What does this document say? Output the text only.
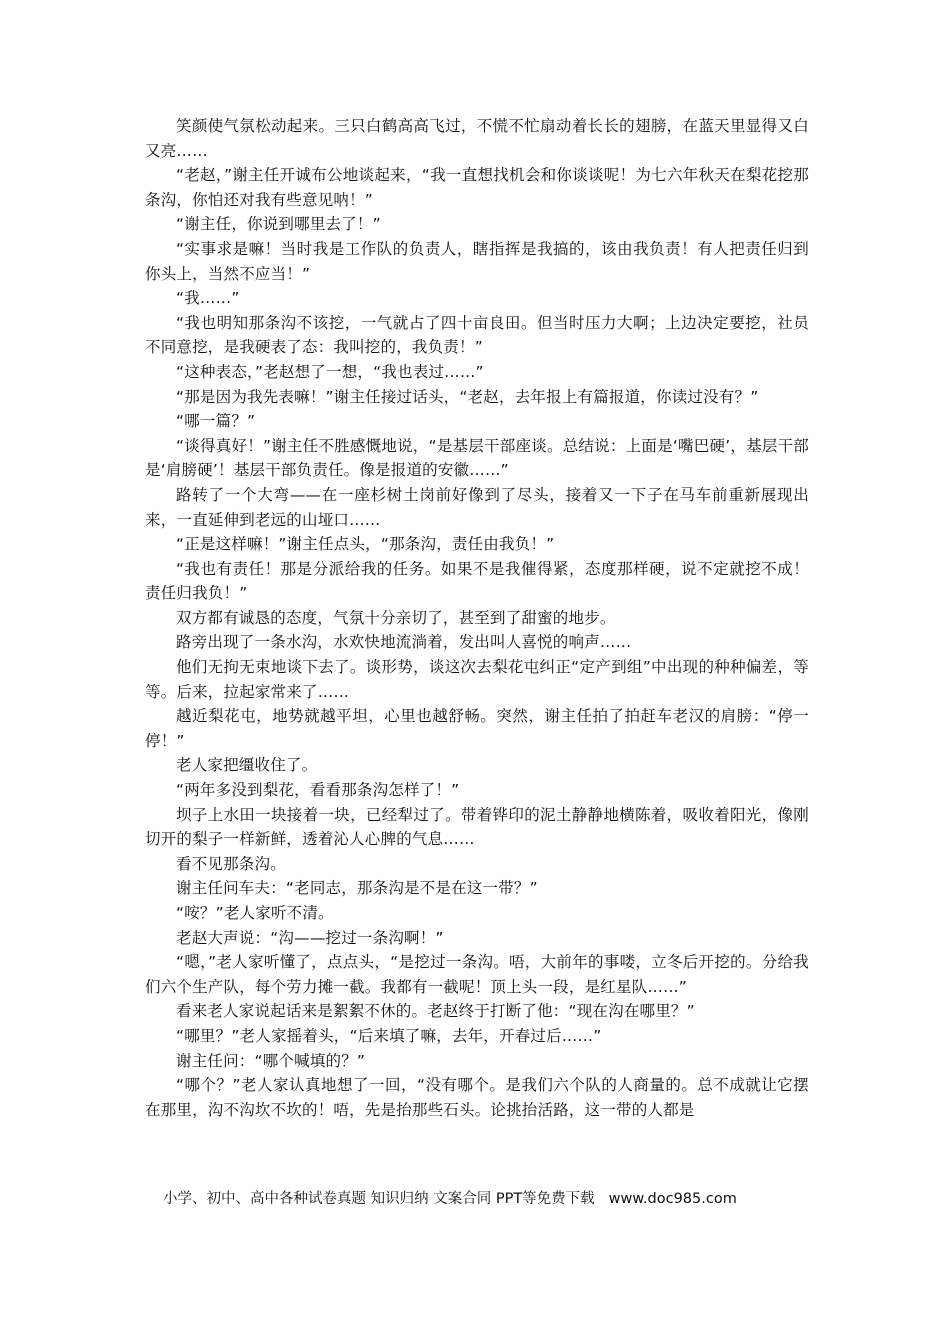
笑颜使气氛松动起来。三只白鹤高高飞过，不慌不忙扇动着长长的翅膀，在蓝天里显得又白又亮……

“老赵，”谢主任开诚布公地谈起来，“我一直想找机会和你谈谈呢！为七六年秋天在梨花挖那条沟，你怕还对我有些意见呐！”

“谢主任，你说到哪里去了！”

“实事求是嘛！当时我是工作队的负责人，瞎指挥是我搞的，该由我负责！有人把责任归到你头上，当然不应当！”

“我……”

“我也明知那条沟不该挖，一气就占了四十亩良田。但当时压力大啊；上边决定要挖，社员不同意挖，是我硬表了态：我叫挖的，我负责！”

“这种表态，”老赵想了一想，“我也表过……”

“那是因为我先表嘛！”谢主任接过话头，“老赵，去年报上有篇报道，你读过没有？”

“哪一篇？”

“谈得真好！”谢主任不胜感慨地说，“是基层干部座谈。总结说：上面是‘嘴巴硬’，基层干部是‘肩膀硬’！基层干部负责任。像是报道的安徽……”

路转了一个大弯——在一座杉树土岗前好像到了尽头，接着又一下子在马车前重新展现出来，一直延伸到老远的山垭口……

“正是这样嘛！”谢主任点头，“那条沟，责任由我负！”

“我也有责任！那是分派给我的任务。如果不是我催得紧，态度那样硬，说不定就挖不成！责任归我负！”

双方都有诚恳的态度，气氛十分亲切了，甚至到了甜蜜的地步。

路旁出现了一条水沟，水欢快地流淌着，发出叫人喜悦的响声……

他们无拘无束地谈下去了。谈形势，谈这次去梨花屯纠正“定产到组”中出现的种种偏差，等等。后来，拉起家常来了……

越近梨花屯，地势就越平坦，心里也越舒畅。突然，谢主任拍了拍赶车老汉的肩膀：“停一停！”

老人家把缰收住了。

“两年多没到梨花，看看那条沟怎样了！”

坝子上水田一块接着一块，已经犁过了。带着铧印的泥土静静地横陈着，吸收着阳光，像刚切开的梨子一样新鲜，透着沁人心脾的气息……

看不见那条沟。

谢主任问车夫：“老同志，那条沟是不是在这一带？”

“咹？”老人家听不清。

老赵大声说：“沟——挖过一条沟啊！”

“嗯，”老人家听懂了，点点头，“是挖过一条沟。唔，大前年的事喽，立冬后开挖的。分给我们六个生产队，每个劳力摊一截。我都有一截呢！顶上头一段，是红星队……”

看来老人家说起话来是絮絮不休的。老赵终于打断了他：“现在沟在哪里？”

“哪里？”老人家摇着头，“后来填了嘛，去年，开春过后……”

谢主任问：“哪个喊填的？”

“哪个？”老人家认真地想了一回，“没有哪个。是我们六个队的人商量的。总不成就让它摆在那里，沟不沟坎不坎的！唔，先是抬那些石头。论挑抬活路，这一带的人都是

小学、初中、高中各种试卷真题 知识归纳 文案合同 PPT等免费下载 www.doc985.com
